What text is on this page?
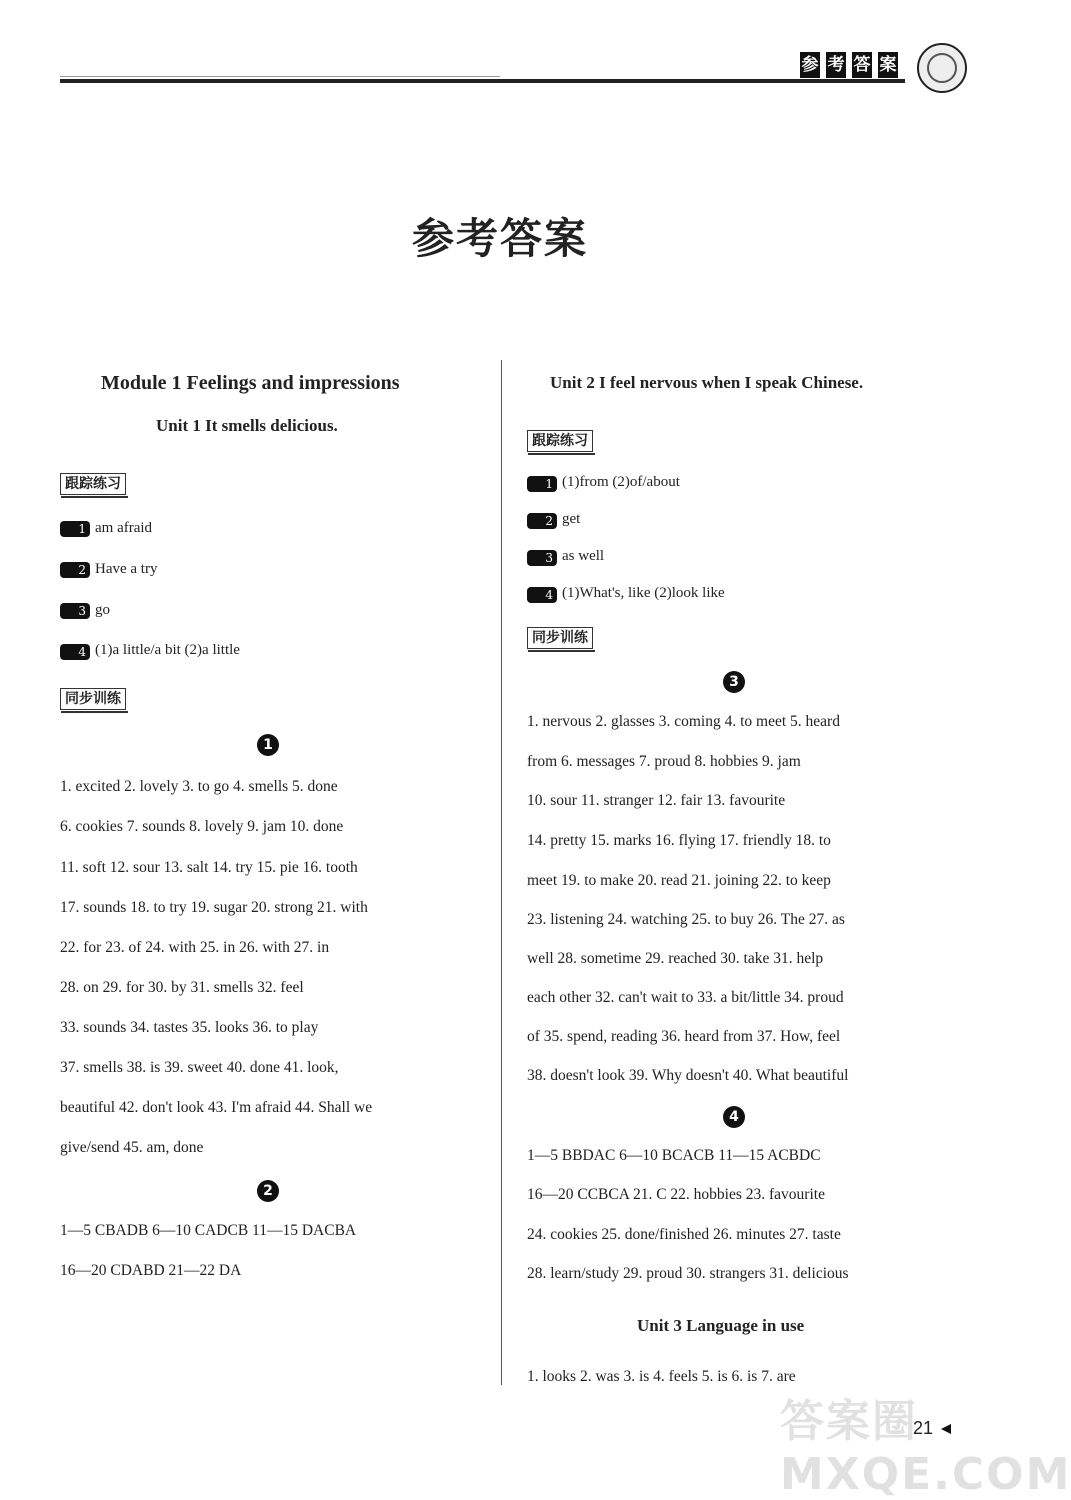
参 考 答 案
参考答案
Module 1 Feelings and impressions
Unit 1 It smells delicious.
跟踪练习
1 am afraid
2 Have a try
3 go
4 (1)a little/a bit (2)a little
同步训练
1
1. excited 2. lovely 3. to go 4. smells 5. done
6. cookies 7. sounds 8. lovely 9. jam 10. done
11. soft 12. sour 13. salt 14. try 15. pie 16. tooth
17. sounds 18. to try 19. sugar 20. strong 21. with
22. for 23. of 24. with 25. in 26. with 27. in
28. on 29. for 30. by 31. smells 32. feel
33. sounds 34. tastes 35. looks 36. to play
37. smells 38. is 39. sweet 40. done 41. look,
beautiful 42. don't look 43. I'm afraid 44. Shall we
give/send 45. am, done
2
1—5 CBADB 6—10 CADCB 11—15 DACBA
16—20 CDABD 21—22 DA
Unit 2 I feel nervous when I speak Chinese.
跟踪练习
1 (1)from (2)of/about
2 get
3 as well
4 (1)What's, like (2)look like
同步训练
3
1. nervous 2. glasses 3. coming 4. to meet 5. heard
from 6. messages 7. proud 8. hobbies 9. jam
10. sour 11. stranger 12. fair 13. favourite
14. pretty 15. marks 16. flying 17. friendly 18. to
meet 19. to make 20. read 21. joining 22. to keep
23. listening 24. watching 25. to buy 26. The 27. as
well 28. sometime 29. reached 30. take 31. help
each other 32. can't wait to 33. a bit/little 34. proud
of 35. spend, reading 36. heard from 37. How, feel
38. doesn't look 39. Why doesn't 40. What beautiful
4
1—5 BBDAC 6—10 BCACB 11—15 ACBDC
16—20 CCBCA 21. C 22. hobbies 23. favourite
24. cookies 25. done/finished 26. minutes 27. taste
28. learn/study 29. proud 30. strangers 31. delicious
Unit 3 Language in use
1. looks 2. was 3. is 4. feels 5. is 6. is 7. are
答案圈 MXQE.COM
21
